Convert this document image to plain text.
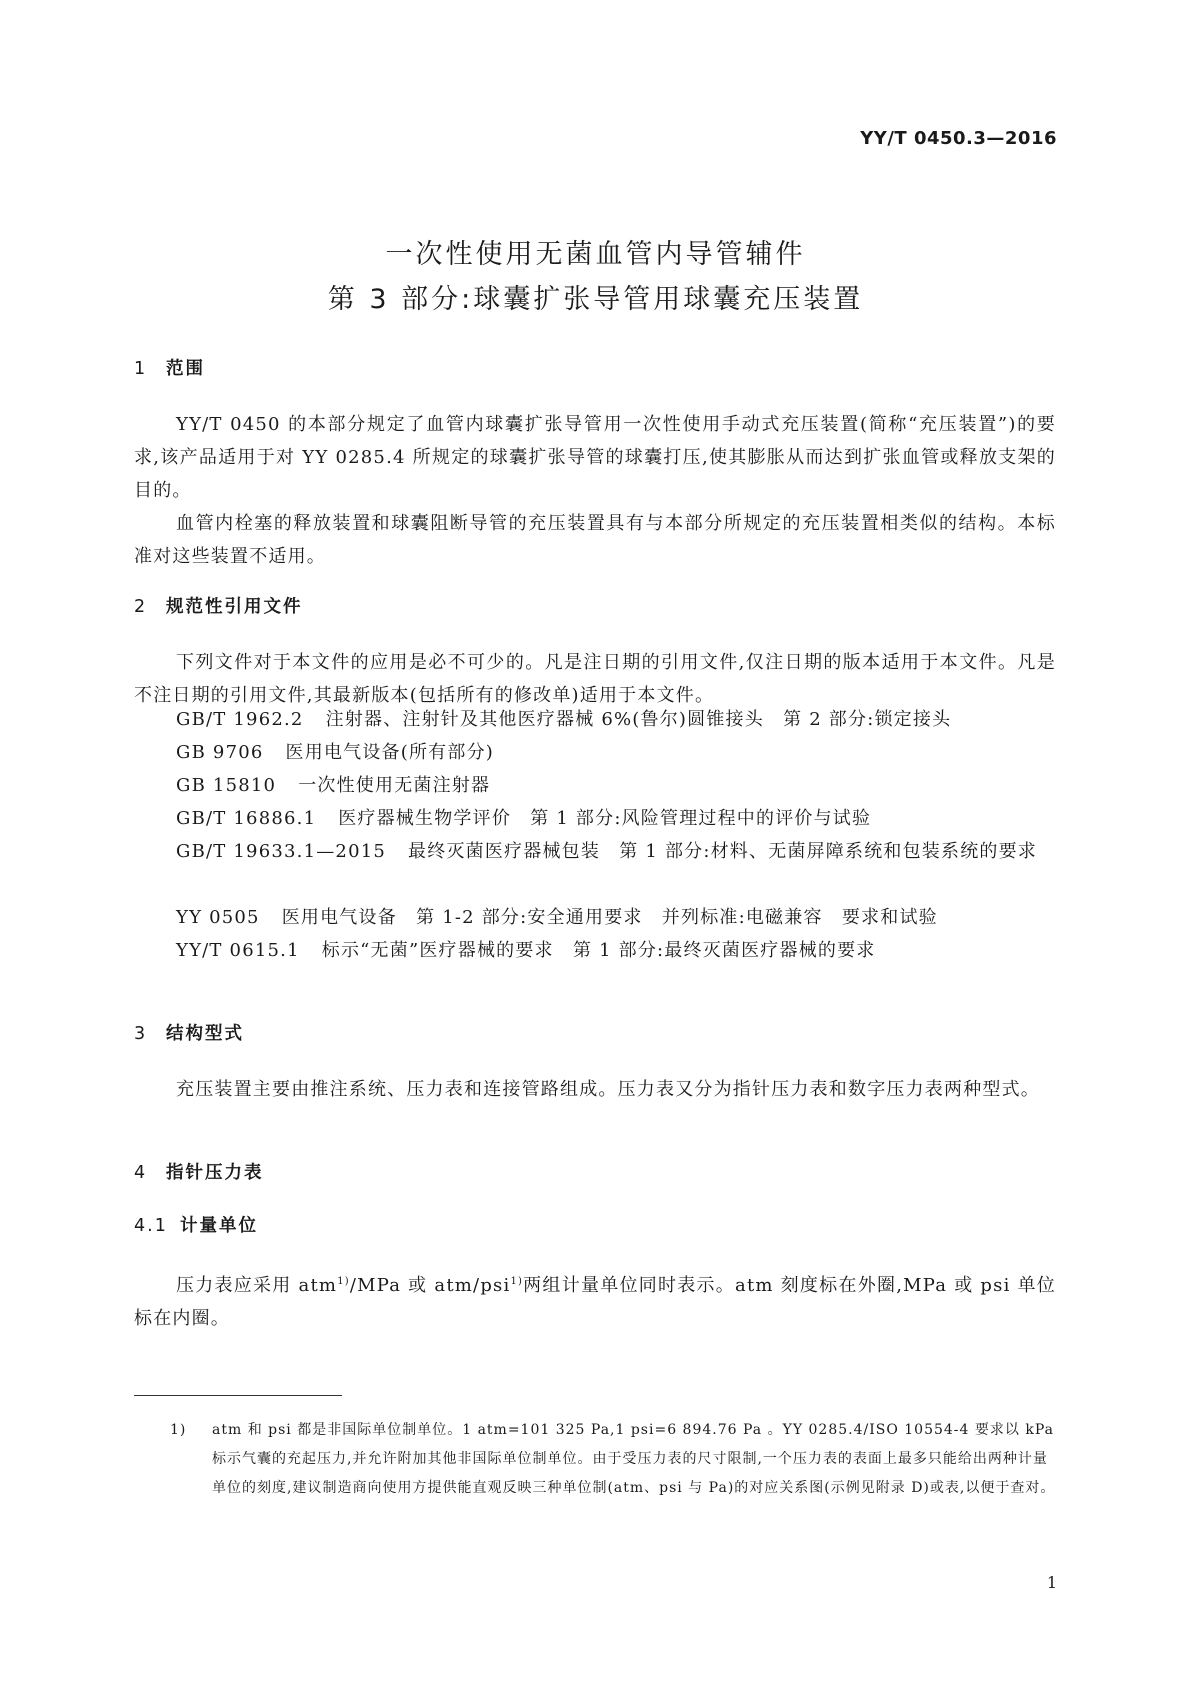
YY/T 0450.3—2016
一次性使用无菌血管内导管辅件
第 3 部分:球囊扩张导管用球囊充压装置
1 范围
YY/T 0450 的本部分规定了血管内球囊扩张导管用一次性使用手动式充压装置(简称“充压装置”)的要求,该产品适用于对 YY 0285.4 所规定的球囊扩张导管的球囊打压,使其膨胀从而达到扩张血管或释放支架的目的。
血管内栓塞的释放装置和球囊阻断导管的充压装置具有与本部分所规定的充压装置相类似的结构。本标准对这些装置不适用。
2 规范性引用文件
下列文件对于本文件的应用是必不可少的。凡是注日期的引用文件,仅注日期的版本适用于本文件。凡是不注日期的引用文件,其最新版本(包括所有的修改单)适用于本文件。
GB/T 1962.2 注射器、注射针及其他医疗器械 6%(鲁尔)圆锥接头　第 2 部分:锁定接头
GB 9706 医用电气设备(所有部分)
GB 15810 一次性使用无菌注射器
GB/T 16886.1 医疗器械生物学评价　第 1 部分:风险管理过程中的评价与试验
GB/T 19633.1—2015 最终灭菌医疗器械包装　第 1 部分:材料、无菌屏障系统和包装系统的要求
YY 0505 医用电气设备　第 1-2 部分:安全通用要求　并列标准:电磁兼容　要求和试验
YY/T 0615.1 标示“无菌”医疗器械的要求　第 1 部分:最终灭菌医疗器械的要求
3 结构型式
充压装置主要由推注系统、压力表和连接管路组成。压力表又分为指针压力表和数字压力表两种型式。
4 指针压力表
4.1 计量单位
压力表应采用 atm$^{1)}$/MPa 或 atm/psi$^{1)}$两组计量单位同时表示。atm 刻度标在外圈,MPa 或 psi 单位标在内圈。
1) atm 和 psi 都是非国际单位制单位。1 atm=101 325 Pa,1 psi=6 894.76 Pa 。YY 0285.4/ISO 10554-4 要求以 kPa 标示气囊的充起压力,并允许附加其他非国际单位制单位。由于受压力表的尺寸限制,一个压力表的表面上最多只能给出两种计量单位的刻度,建议制造商向使用方提供能直观反映三种单位制(atm、psi 与 Pa)的对应关系图(示例见附录 D)或表,以便于查对。
1
